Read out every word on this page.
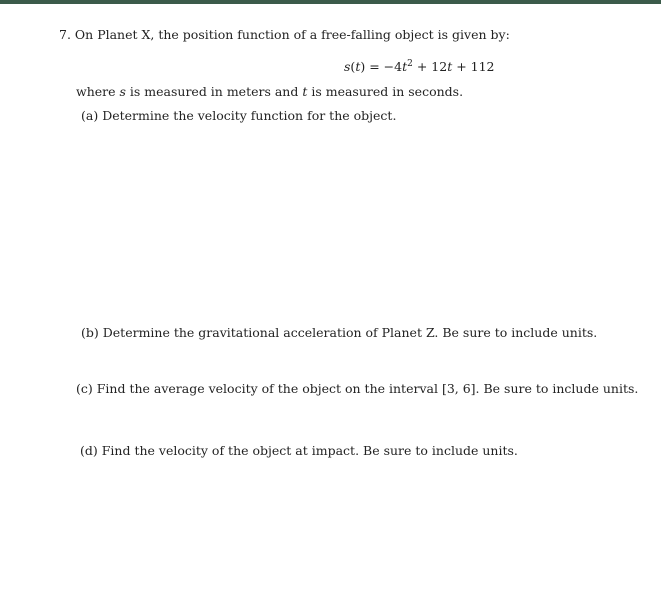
7. On Planet X, the position function of a free-falling object is given by:
$s(t) = -4t^2 + 12t + 112$
where s is measured in meters and t is measured in seconds.
(a) Determine the velocity function for the object.
(b) Determine the gravitational acceleration of Planet Z. Be sure to include units.
(c) Find the average velocity of the object on the interval [3, 6]. Be sure to include units.
(d) Find the velocity of the object at impact. Be sure to include units.
